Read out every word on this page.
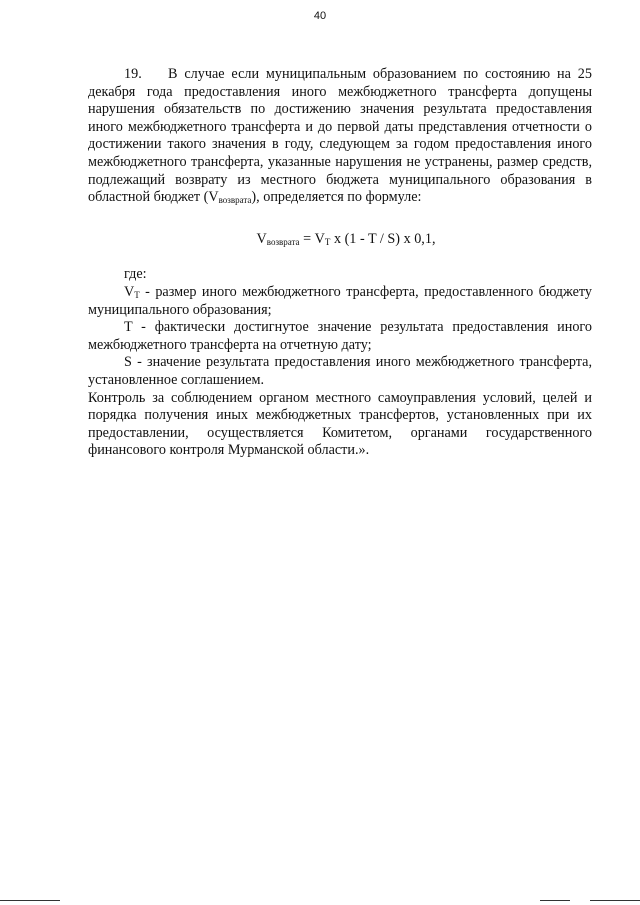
40

19. В случае если муниципальным образованием по состоянию на 25 декабря года предоставления иного межбюджетного трансферта допущены нарушения обязательств по достижению значения результата предоставления иного межбюджетного трансферта и до первой даты представления отчетности о достижении такого значения в году, следующем за годом предоставления иного межбюджетного трансферта, указанные нарушения не устранены, размер средств, подлежащий возврату из местного бюджета муниципального образования в областной бюджет $(V_{возврата})$, определяется по формуле:

$V_{возврата} = V_Т$ x (1 - T / S) x 0,1,

где:

$V_Т$ - размер иного межбюджетного трансферта, предоставленного бюджету муниципального образования;

T - фактически достигнутое значение результата предоставления иного межбюджетного трансферта на отчетную дату;

S - значение результата предоставления иного межбюджетного трансферта, установленное соглашением.

Контроль за соблюдением органом местного самоуправления условий, целей и порядка получения иных межбюджетных трансфертов, установленных при их предоставлении, осуществляется Комитетом, органами государственного финансового контроля Мурманской области.».
